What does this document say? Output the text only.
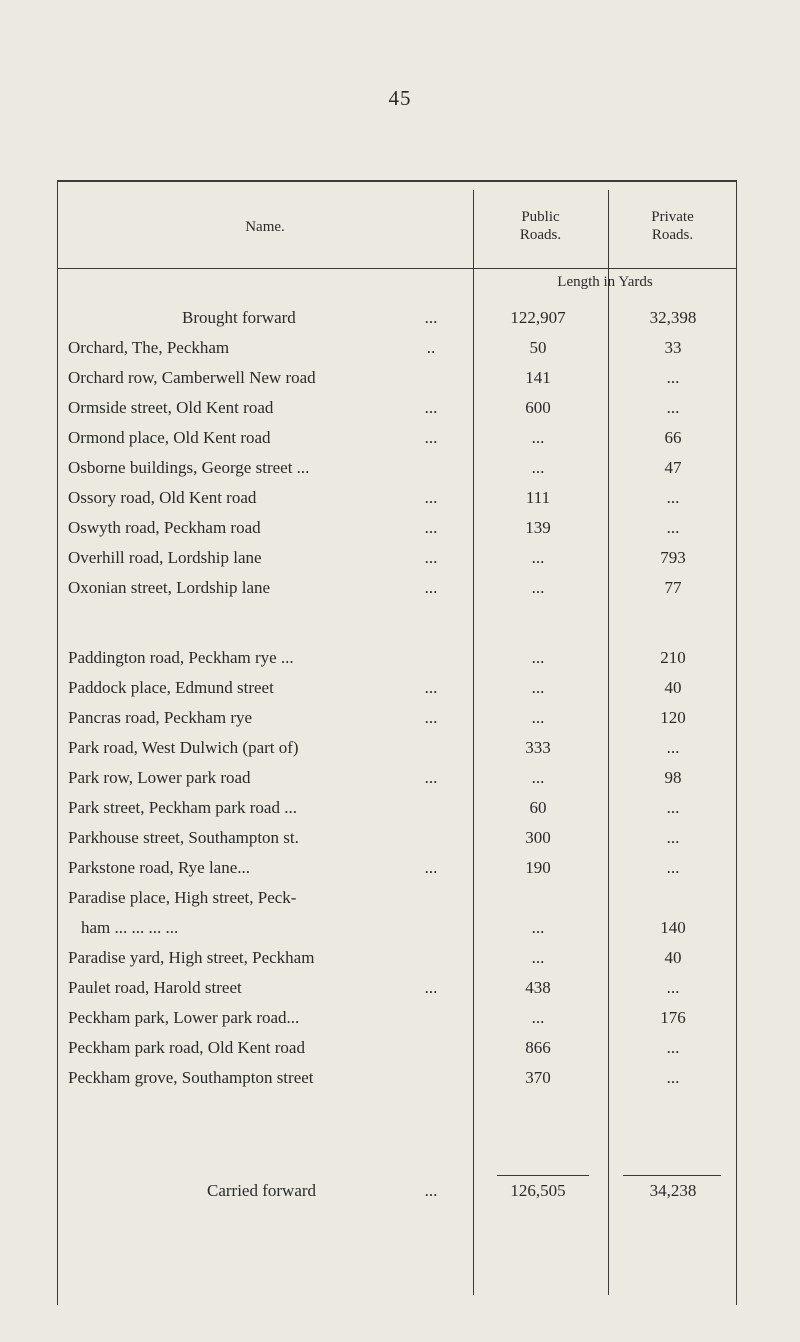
45
Name.
Public
Roads.
Private
Roads.
Length in Yards
Brought forward	...	122,907	32,398
Orchard, The, Peckham	..	50	33
Orchard row, Camberwell New road	141	...
Ormside street, Old Kent road	...	600	...
Ormond place, Old Kent road	...	...	66
Osborne buildings, George street ...	...	47
Ossory road, Old Kent road	...	111	...
Oswyth road, Peckham road	...	139	...
Overhill road, Lordship lane	...	...	793
Oxonian street, Lordship lane	...	...	77
Paddington road, Peckham rye ...	...	210
Paddock place, Edmund street	...	...	40
Pancras road, Peckham rye	...	...	120
Park road, West Dulwich (part of)	333	...
Park row, Lower park road	...	...	98
Park street, Peckham park road ...	60	...
Parkhouse street, Southampton st.	300	...
Parkstone road, Rye lane...	...	190	...
Paradise place, High street, Peck-
ham ... ... ... ...	...	140
Paradise yard, High street, Peckham	...	40
Paulet road, Harold street	...	438	...
Peckham park, Lower park road...	...	176
Peckham park road, Old Kent road	866	...
Peckham grove, Southampton street	370	...
Carried forward	...	126,505	34,238
